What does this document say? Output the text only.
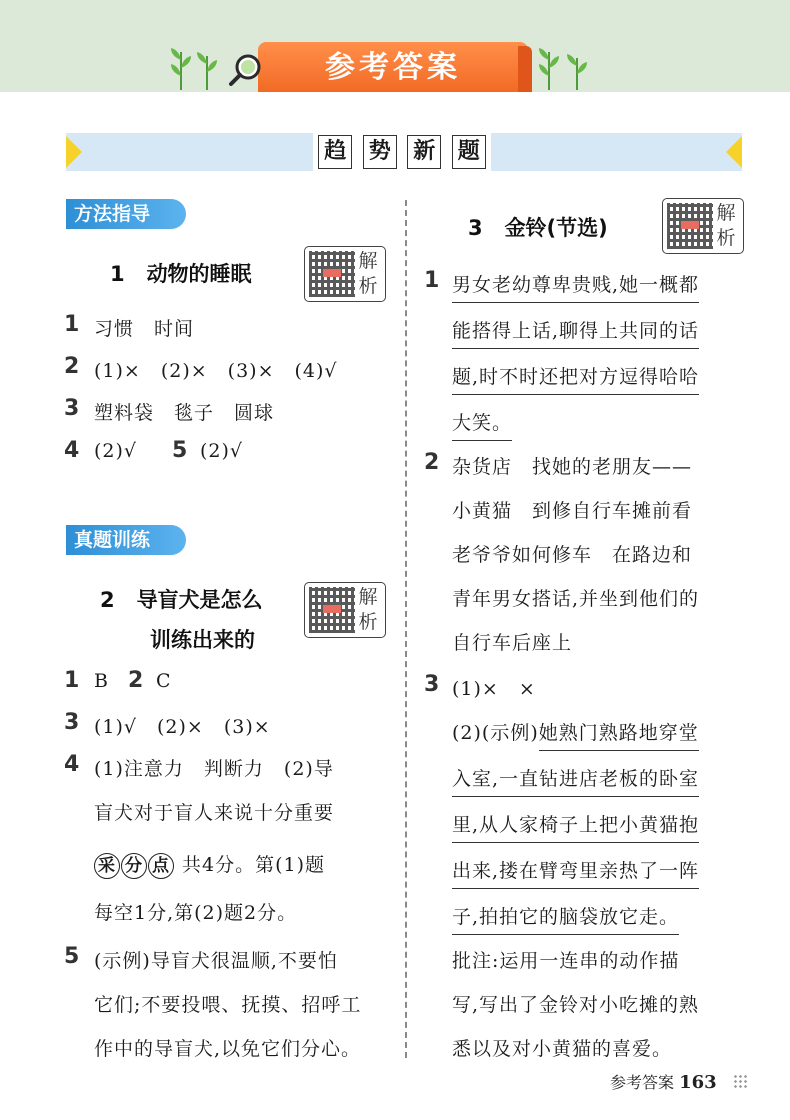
参考答案
趋 势 新 题
方法指导
1 动物的睡眠
解
析
1 习惯　时间
2 (1)×　(2)×　(3)×　(4)√
3 塑料袋　毯子　圆球
4 (2)√ 5 (2)√
真题训练
2 导盲犬是怎么
训练出来的
解
析
1 B 2 C
3 (1)√　(2)×　(3)×
4 (1)注意力　判断力　(2)导
盲犬对于盲人来说十分重要
采 分 点 共4分。第(1)题
每空1分,第(2)题2分。
5 (示例)导盲犬很温顺,不要怕
它们;不要投喂、抚摸、招呼工
作中的导盲犬,以免它们分心。
3 金铃(节选)
解
析
1 男女老幼尊卑贵贱,她一概都
能搭得上话,聊得上共同的话
题,时不时还把对方逗得哈哈
大笑。
2 杂货店　找她的老朋友——
小黄猫　到修自行车摊前看
老爷爷如何修车　在路边和
青年男女搭话,并坐到他们的
自行车后座上
3 (1)×　×
(2)(示例)她熟门熟路地穿堂
入室,一直钻进店老板的卧室
里,从人家椅子上把小黄猫抱
出来,搂在臂弯里亲热了一阵
子,拍拍它的脑袋放它走。
批注:运用一连串的动作描
写,写出了金铃对小吃摊的熟
悉以及对小黄猫的喜爱。
参考答案 163
